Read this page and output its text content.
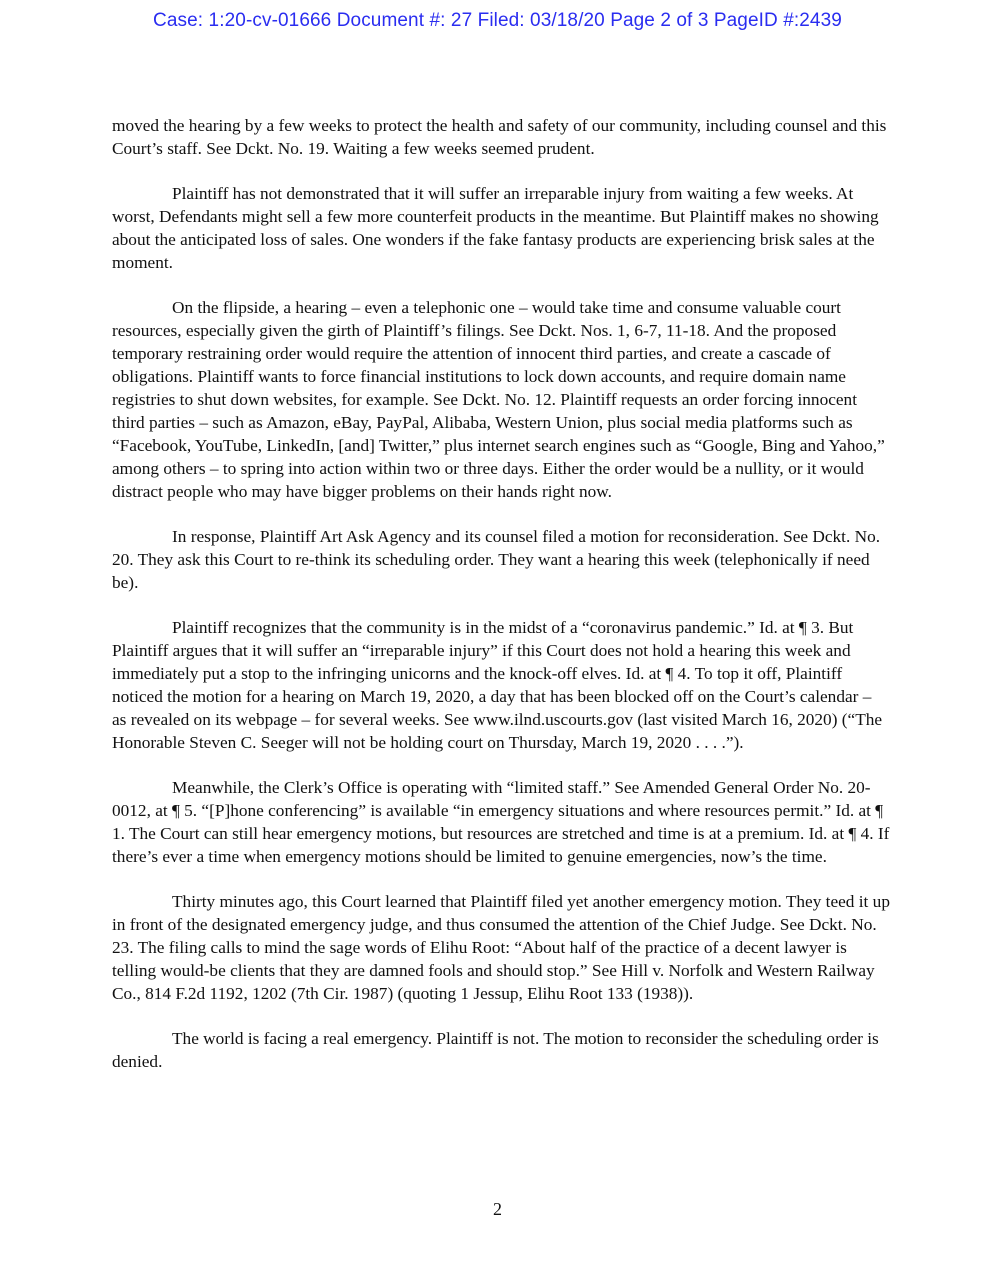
Case: 1:20-cv-01666 Document #: 27 Filed: 03/18/20 Page 2 of 3 PageID #:2439

moved the hearing by a few weeks to protect the health and safety of our community, including counsel and this Court’s staff. See Dckt. No. 19. Waiting a few weeks seemed prudent.

Plaintiff has not demonstrated that it will suffer an irreparable injury from waiting a few weeks. At worst, Defendants might sell a few more counterfeit products in the meantime. But Plaintiff makes no showing about the anticipated loss of sales. One wonders if the fake fantasy products are experiencing brisk sales at the moment.

On the flipside, a hearing – even a telephonic one – would take time and consume valuable court resources, especially given the girth of Plaintiff’s filings. See Dckt. Nos. 1, 6-7, 11-18. And the proposed temporary restraining order would require the attention of innocent third parties, and create a cascade of obligations. Plaintiff wants to force financial institutions to lock down accounts, and require domain name registries to shut down websites, for example. See Dckt. No. 12. Plaintiff requests an order forcing innocent third parties – such as Amazon, eBay, PayPal, Alibaba, Western Union, plus social media platforms such as “Facebook, YouTube, LinkedIn, [and] Twitter,” plus internet search engines such as “Google, Bing and Yahoo,” among others – to spring into action within two or three days. Either the order would be a nullity, or it would distract people who may have bigger problems on their hands right now.

In response, Plaintiff Art Ask Agency and its counsel filed a motion for reconsideration. See Dckt. No. 20. They ask this Court to re-think its scheduling order. They want a hearing this week (telephonically if need be).

Plaintiff recognizes that the community is in the midst of a “coronavirus pandemic.” Id. at ¶ 3. But Plaintiff argues that it will suffer an “irreparable injury” if this Court does not hold a hearing this week and immediately put a stop to the infringing unicorns and the knock-off elves. Id. at ¶ 4. To top it off, Plaintiff noticed the motion for a hearing on March 19, 2020, a day that has been blocked off on the Court’s calendar – as revealed on its webpage – for several weeks. See www.ilnd.uscourts.gov (last visited March 16, 2020) (“The Honorable Steven C. Seeger will not be holding court on Thursday, March 19, 2020 . . . .”).

Meanwhile, the Clerk’s Office is operating with “limited staff.” See Amended General Order No. 20-0012, at ¶ 5. “[P]hone conferencing” is available “in emergency situations and where resources permit.” Id. at ¶ 1. The Court can still hear emergency motions, but resources are stretched and time is at a premium. Id. at ¶ 4. If there’s ever a time when emergency motions should be limited to genuine emergencies, now’s the time.

Thirty minutes ago, this Court learned that Plaintiff filed yet another emergency motion. They teed it up in front of the designated emergency judge, and thus consumed the attention of the Chief Judge. See Dckt. No. 23. The filing calls to mind the sage words of Elihu Root: “About half of the practice of a decent lawyer is telling would-be clients that they are damned fools and should stop.” See Hill v. Norfolk and Western Railway Co., 814 F.2d 1192, 1202 (7th Cir. 1987) (quoting 1 Jessup, Elihu Root 133 (1938)).

The world is facing a real emergency. Plaintiff is not. The motion to reconsider the scheduling order is denied.

2
